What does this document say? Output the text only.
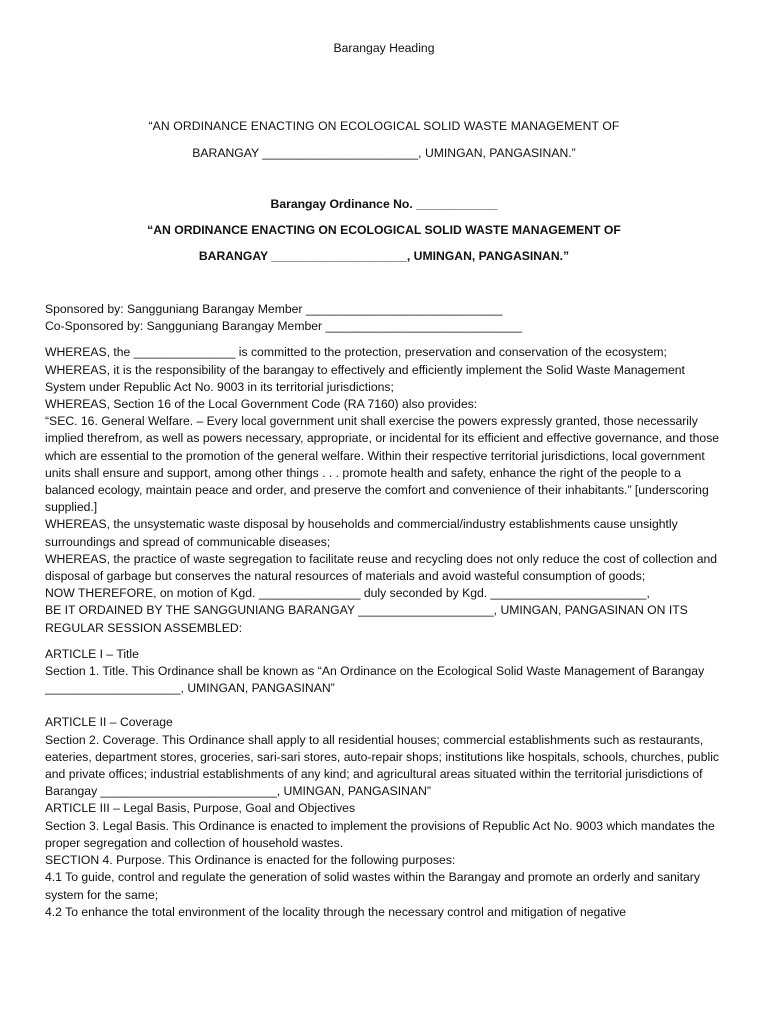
Barangay Heading
“AN ORDINANCE ENACTING ON ECOLOGICAL SOLID WASTE MANAGEMENT OF
BARANGAY _______________________, UMINGAN, PANGASINAN.”
Barangay Ordinance No. ____________
“AN ORDINANCE ENACTING ON ECOLOGICAL SOLID WASTE MANAGEMENT OF
BARANGAY ____________________, UMINGAN, PANGASINAN.”

Sponsored by: Sangguniang Barangay Member _____________________________

Co-Sponsored by: Sangguniang Barangay Member _____________________________

WHEREAS, the _______________ is committed to the protection, preservation and conservation of the ecosystem;

WHEREAS, it is the responsibility of the barangay to effectively and efficiently implement the Solid Waste Management System under Republic Act No. 9003 in its territorial jurisdictions;

WHEREAS, Section 16 of the Local Government Code (RA 7160) also provides:

“SEC. 16. General Welfare. – Every local government unit shall exercise the powers expressly granted, those necessarily implied therefrom, as well as powers necessary, appropriate, or incidental for its efficient and effective governance, and those which are essential to the promotion of the general welfare. Within their respective territorial jurisdictions, local government units shall ensure and support, among other things . . . promote health and safety, enhance the right of the people to a balanced ecology, maintain peace and order, and preserve the comfort and convenience of their inhabitants.” [underscoring supplied.]

WHEREAS, the unsystematic waste disposal by households and commercial/industry establishments cause unsightly surroundings and spread of communicable diseases;

WHEREAS, the practice of waste segregation to facilitate reuse and recycling does not only reduce the cost of collection and disposal of garbage but conserves the natural resources of materials and avoid wasteful consumption of goods;

NOW THEREFORE, on motion of Kgd. _______________ duly seconded by Kgd. _______________________,

BE IT ORDAINED BY THE SANGGUNIANG BARANGAY ____________________, UMINGAN, PANGASINAN ON ITS REGULAR SESSION ASSEMBLED:

ARTICLE I – Title

Section 1. Title. This Ordinance shall be known as “An Ordinance on the Ecological Solid Waste Management of Barangay ____________________, UMINGAN, PANGASINAN”

ARTICLE II – Coverage

Section 2. Coverage. This Ordinance shall apply to all residential houses; commercial establishments such as restaurants, eateries, department stores, groceries, sari-sari stores, auto-repair shops; institutions like hospitals, schools, churches, public and private offices; industrial establishments of any kind; and agricultural areas situated within the territorial jurisdictions of Barangay __________________________, UMINGAN, PANGASINAN”

ARTICLE III – Legal Basis, Purpose, Goal and Objectives

Section 3. Legal Basis. This Ordinance is enacted to implement the provisions of Republic Act No. 9003 which mandates the proper segregation and collection of household wastes.

SECTION 4. Purpose. This Ordinance is enacted for the following purposes:

4.1 To guide, control and regulate the generation of solid wastes within the Barangay and promote an orderly and sanitary system for the same;

4.2 To enhance the total environment of the locality through the necessary control and mitigation of negative
